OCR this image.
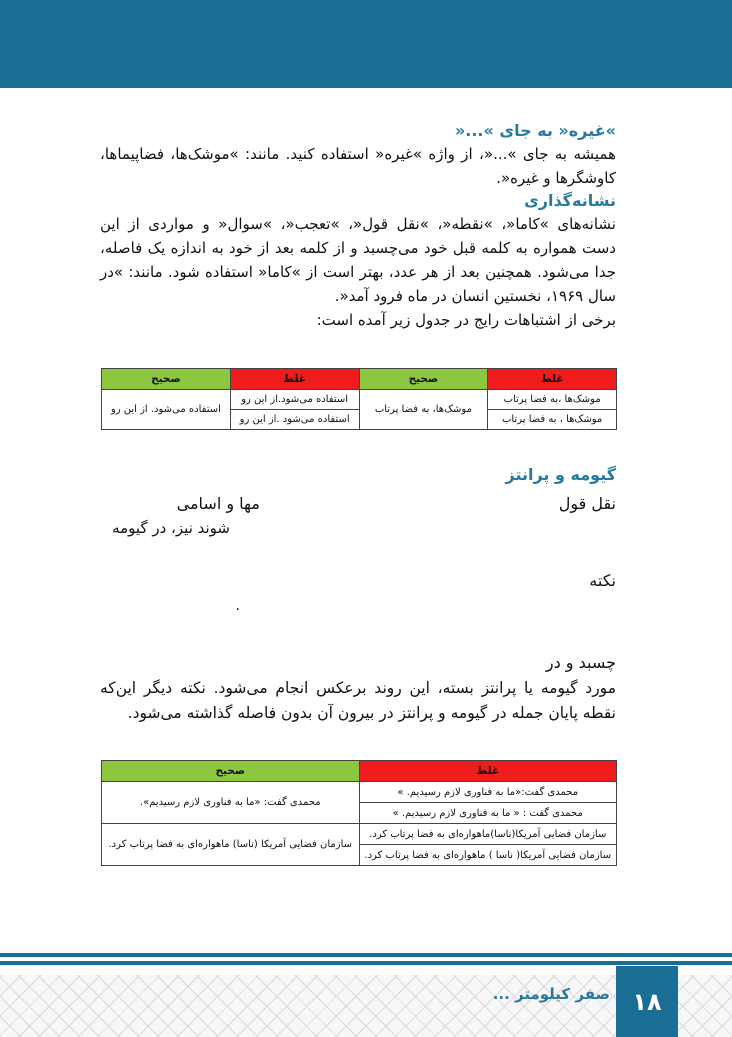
»غیره« به جای »...«

همیشه به جای »...«، از واژه »غیره« استفاده کنید. مانند: »موشک‌ها، فضاپیماها، کاوشگرها و غیره«.

نشانه‌گذاری

نشانه‌های »کاما«، »نقطه«، »نقل قول«، »تعجب«، »سوال« و مواردی از این دست همواره به کلمه قبل خود می‌چسبد و از کلمه بعد از خود به اندازه یک فاصله، جدا می‌شود. همچنین بعد از هر عدد، بهتر است از »کاما« استفاده شود. مانند: »در سال ۱۹۶۹، نخستین انسان در ماه فرود آمد«.

برخی از اشتباهات رایج در جدول زیر آمده است:

غلط	صحیح	غلط	صحیح
موشک‌ها ،به فضا پرتاب	موشک‌ها، به فضا پرتاب	استفاده می‌شود.از این رو	استفاده می‌شود. از این رو
موشک‌ها ، به فضا پرتاب		استفاده می‌شود .از این رو	
گیومه و پرانتز
نقل قول
مها و اسامی
شوند نیز، در گیومه
نکته
.
چسبد و در
مورد گیومه یا پرانتز بسته، این روند برعکس انجام می‌شود. نکته دیگر این‌که نقطه پایان جمله در گیومه و پرانتز در بیرون آن بدون فاصله گذاشته می‌شود.
غلط	صحیح
محمدی گفت:«ما به فناوری لازم رسیدیم. »	محمدی گفت: «ما به فناوری لازم رسیدیم».
محمدی گفت : « ما به فناوری لازم رسیدیم. »	
سازمان فضایی آمریکا(ناسا)ماهواره‌ای به فضا پرتاب کرد.	سازمان فضایی آمریکا (ناسا) ماهواره‌ای به فضا پرتاب کرد.
سازمان فضایی آمریکا( ناسا ) ماهواره‌ای به فضا پرتاب کرد.	
صفر کیلومتر ... ۱۸
